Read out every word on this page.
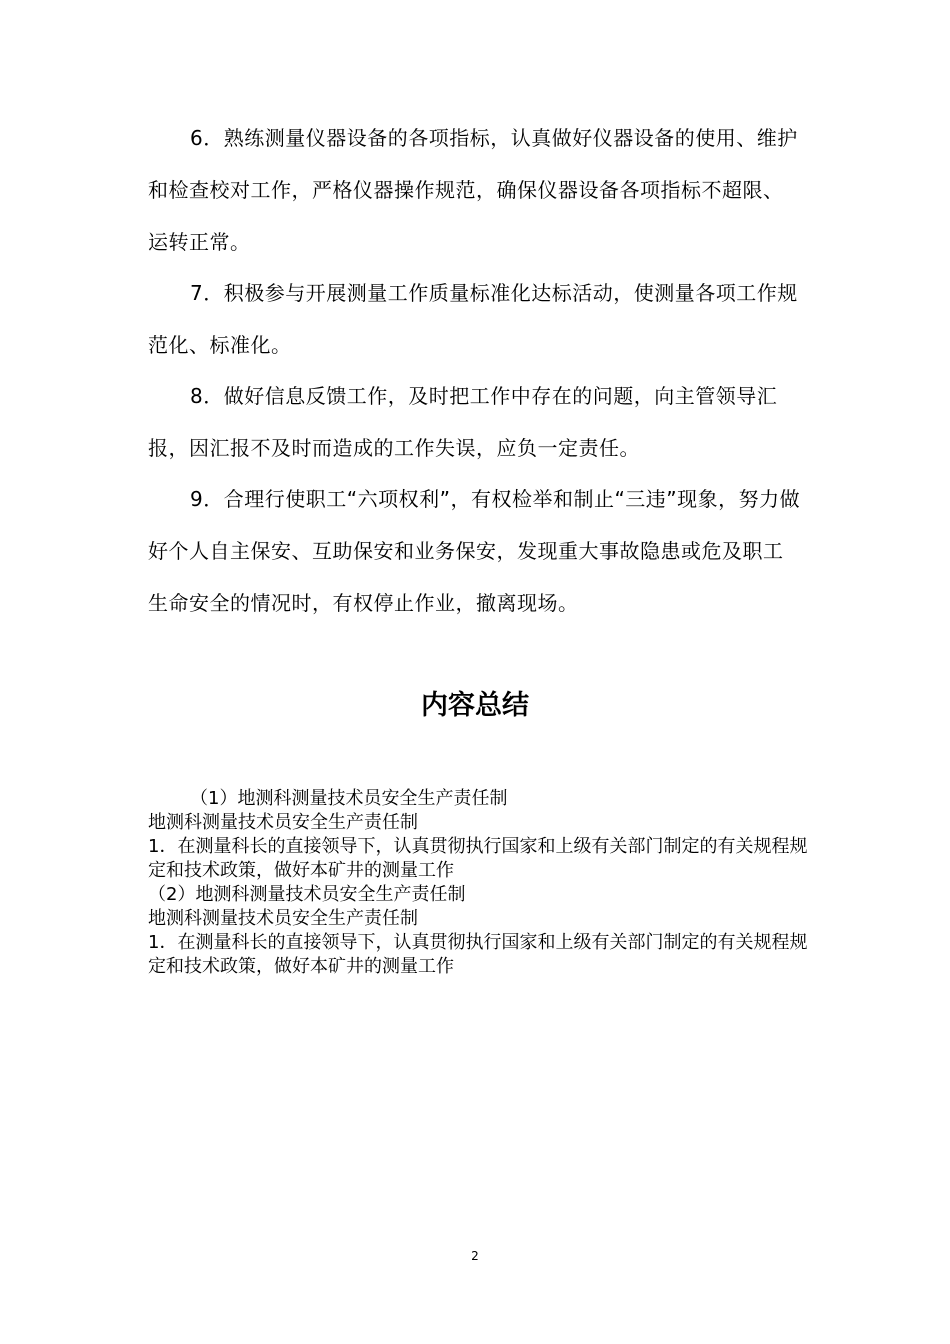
6．熟练测量仪器设备的各项指标，认真做好仪器设备的使用、维护和检查校对工作，严格仪器操作规范，确保仪器设备各项指标不超限、运转正常。

7．积极参与开展测量工作质量标准化达标活动，使测量各项工作规范化、标准化。

8．做好信息反馈工作，及时把工作中存在的问题，向主管领导汇报，因汇报不及时而造成的工作失误，应负一定责任。

9．合理行使职工“六项权利”，有权检举和制止“三违”现象，努力做好个人自主保安、互助保安和业务保安，发现重大事故隐患或危及职工生命安全的情况时，有权停止作业，撤离现场。

内容总结
（1）地测科测量技术员安全生产责任制
地测科测量技术员安全生产责任制
1．在测量科长的直接领导下，认真贯彻执行国家和上级有关部门制定的有关规程规定和技术政策，做好本矿井的测量工作
（2）地测科测量技术员安全生产责任制
地测科测量技术员安全生产责任制
1．在测量科长的直接领导下，认真贯彻执行国家和上级有关部门制定的有关规程规定和技术政策，做好本矿井的测量工作
2
